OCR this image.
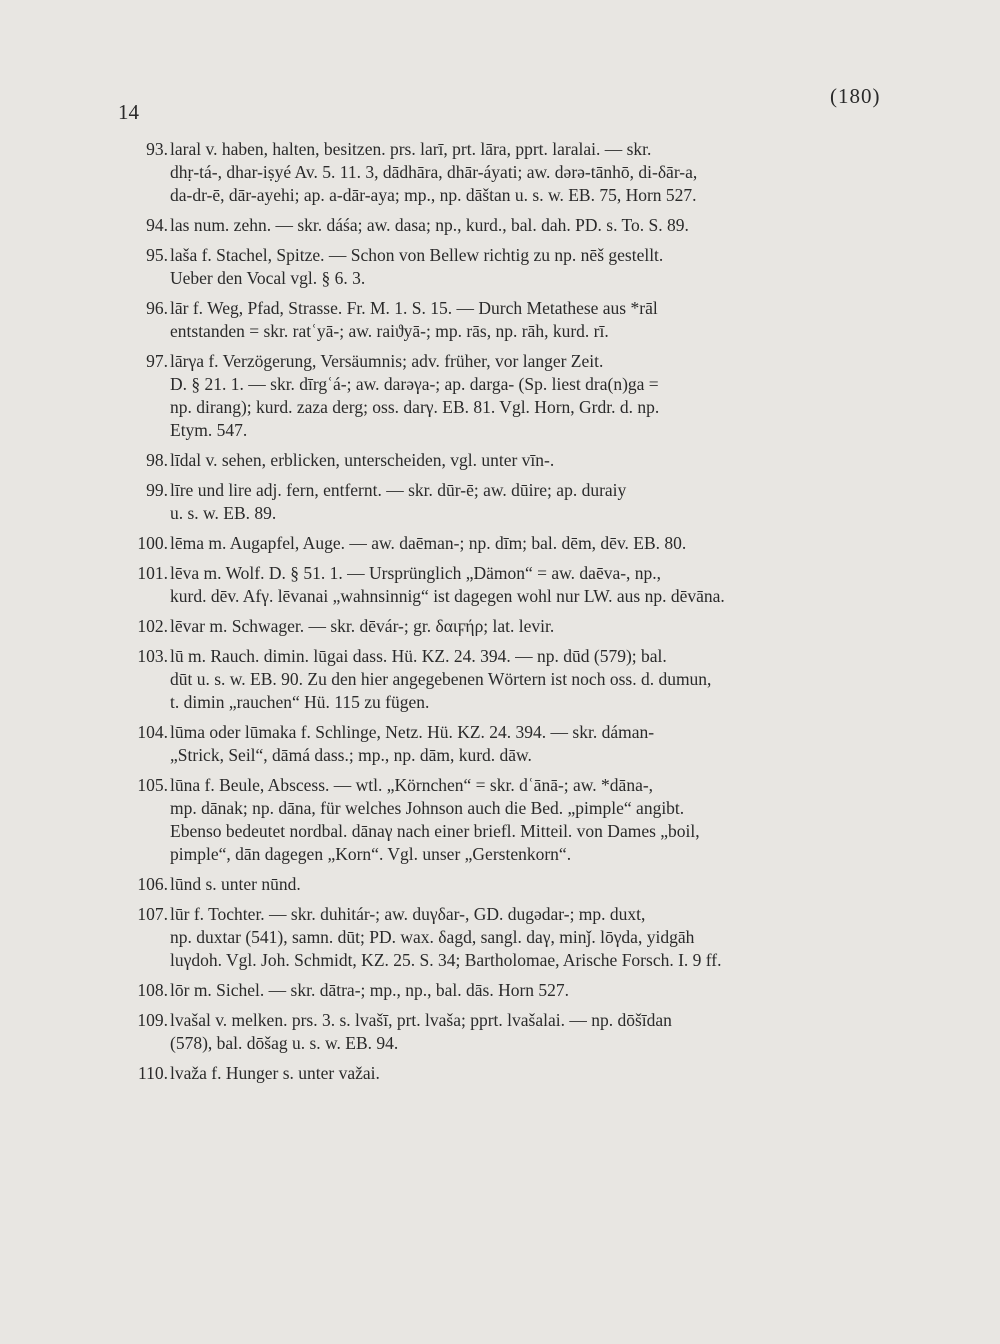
14
(180)
93. laral v. haben, halten, besitzen. prs. larī, prt. lāra, pprt. laralai. — skr.
dhṛ-tá-, dhar-iṣyé Av. 5. 11. 3, dādhāra, dhār-áyati; aw. dərə-tānhō, di-δār-a,
da-dr-ē, dār-ayehi; ap. a-dār-aya; mp., np. dāštan u. s. w. EB. 75, Horn 527.
94. las num. zehn. — skr. dáśa; aw. dasa; np., kurd., bal. dah. PD. s. To. S. 89.
95. laša f. Stachel, Spitze. — Schon von Bellew richtig zu np. nēš gestellt.
Ueber den Vocal vgl. § 6. 3.
96. lār f. Weg, Pfad, Strasse. Fr. M. 1. S. 15. — Durch Metathese aus *rāl
entstanden = skr. ratʿyā-; aw. raiϑyā-; mp. rās, np. rāh, kurd. rī.
97. lārγa f. Verzögerung, Versäumnis; adv. früher, vor langer Zeit.
D. § 21. 1. — skr. dīrgʿá-; aw. darəγa-; ap. darga- (Sp. liest dra(n)ga =
np. dirang); kurd. zaza derg; oss. darγ. EB. 81. Vgl. Horn, Grdr. d. np.
Etym. 547.
98. līdal v. sehen, erblicken, unterscheiden, vgl. unter vīn-.
99. līre und lire adj. fern, entfernt. — skr. dūr-ē; aw. dūire; ap. duraiy
u. s. w. EB. 89.
100. lēma m. Augapfel, Auge. — aw. daēman-; np. dīm; bal. dēm, dēv. EB. 80.
101. lēva m. Wolf. D. § 51. 1. — Ursprünglich „Dämon“ = aw. daēva-, np.,
kurd. dēv. Afγ. lēvanai „wahnsinnig“ ist dagegen wohl nur LW. aus np. dēvāna.
102. lēvar m. Schwager. — skr. dēvár-; gr. δαιϝήρ; lat. levir.
103. lū m. Rauch. dimin. lūgai dass. Hü. KZ. 24. 394. — np. dūd (579); bal.
dūt u. s. w. EB. 90. Zu den hier angegebenen Wörtern ist noch oss. d. dumun,
t. dimin „rauchen“ Hü. 115 zu fügen.
104. lūma oder lūmaka f. Schlinge, Netz. Hü. KZ. 24. 394. — skr. dáman-
„Strick, Seil“, dāmá dass.; mp., np. dām, kurd. dāw.
105. lūna f. Beule, Abscess. — wtl. „Körnchen“ = skr. dʿānā-; aw. *dāna-,
mp. dānak; np. dāna, für welches Johnson auch die Bed. „pimple“ angibt.
Ebenso bedeutet nordbal. dānaγ nach einer briefl. Mitteil. von Dames „boil,
pimple“, dān dagegen „Korn“. Vgl. unser „Gerstenkorn“.
106. lūnd s. unter nūnd.
107. lūr f. Tochter. — skr. duhitár-; aw. duγδar-, GD. dugədar-; mp. duxt,
np. duxtar (541), samn. dūt; PD. wax. δagd, sangl. daγ, minǰ. lōγda, yidgāh
luγdoh. Vgl. Joh. Schmidt, KZ. 25. S. 34; Bartholomae, Arische Forsch. I. 9 ff.
108. lōr m. Sichel. — skr. dātra-; mp., np., bal. dās. Horn 527.
109. lvašal v. melken. prs. 3. s. lvašī, prt. lvaša; pprt. lvašalai. — np. dōšīdan
(578), bal. dōšag u. s. w. EB. 94.
110. lvaža f. Hunger s. unter važai.
